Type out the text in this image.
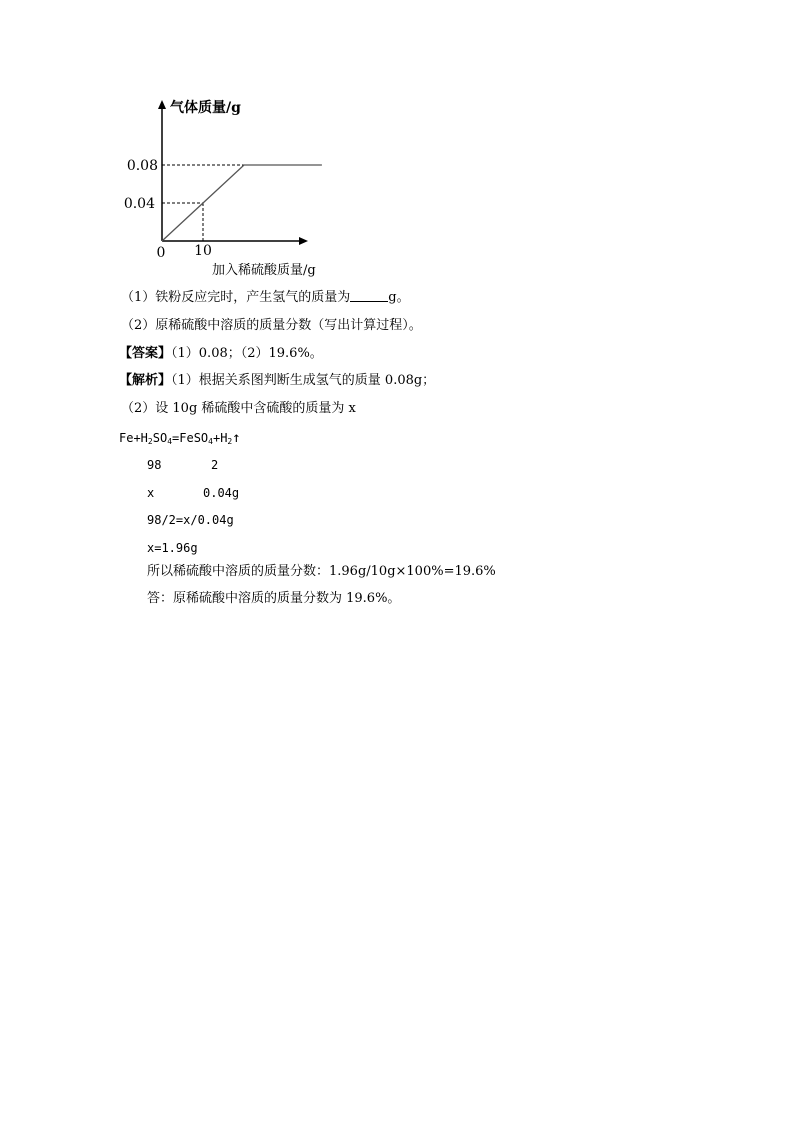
气体质量/g
0.04
0.08
0 10
加入稀硫酸质量/g
（1）铁粉反应完时，产生氢气的质量为	g。
（2）原稀硫酸中溶质的质量分数（写出计算过程）。
【答案】（1）0.08；（2）19.6%。
【解析】（1）根据关系图判断生成氢气的质量 0.08g；
（2）设 10g 稀硫酸中含硫酸的质量为 x
$Fe+H_2SO_4=FeSO_4+H_2↑$
98	2
x	0.04g
98/2=x/0.04g
x=1.96g
所以稀硫酸中溶质的质量分数：1.96g/10g×100%=19.6%
答：原稀硫酸中溶质的质量分数为 19.6%。
